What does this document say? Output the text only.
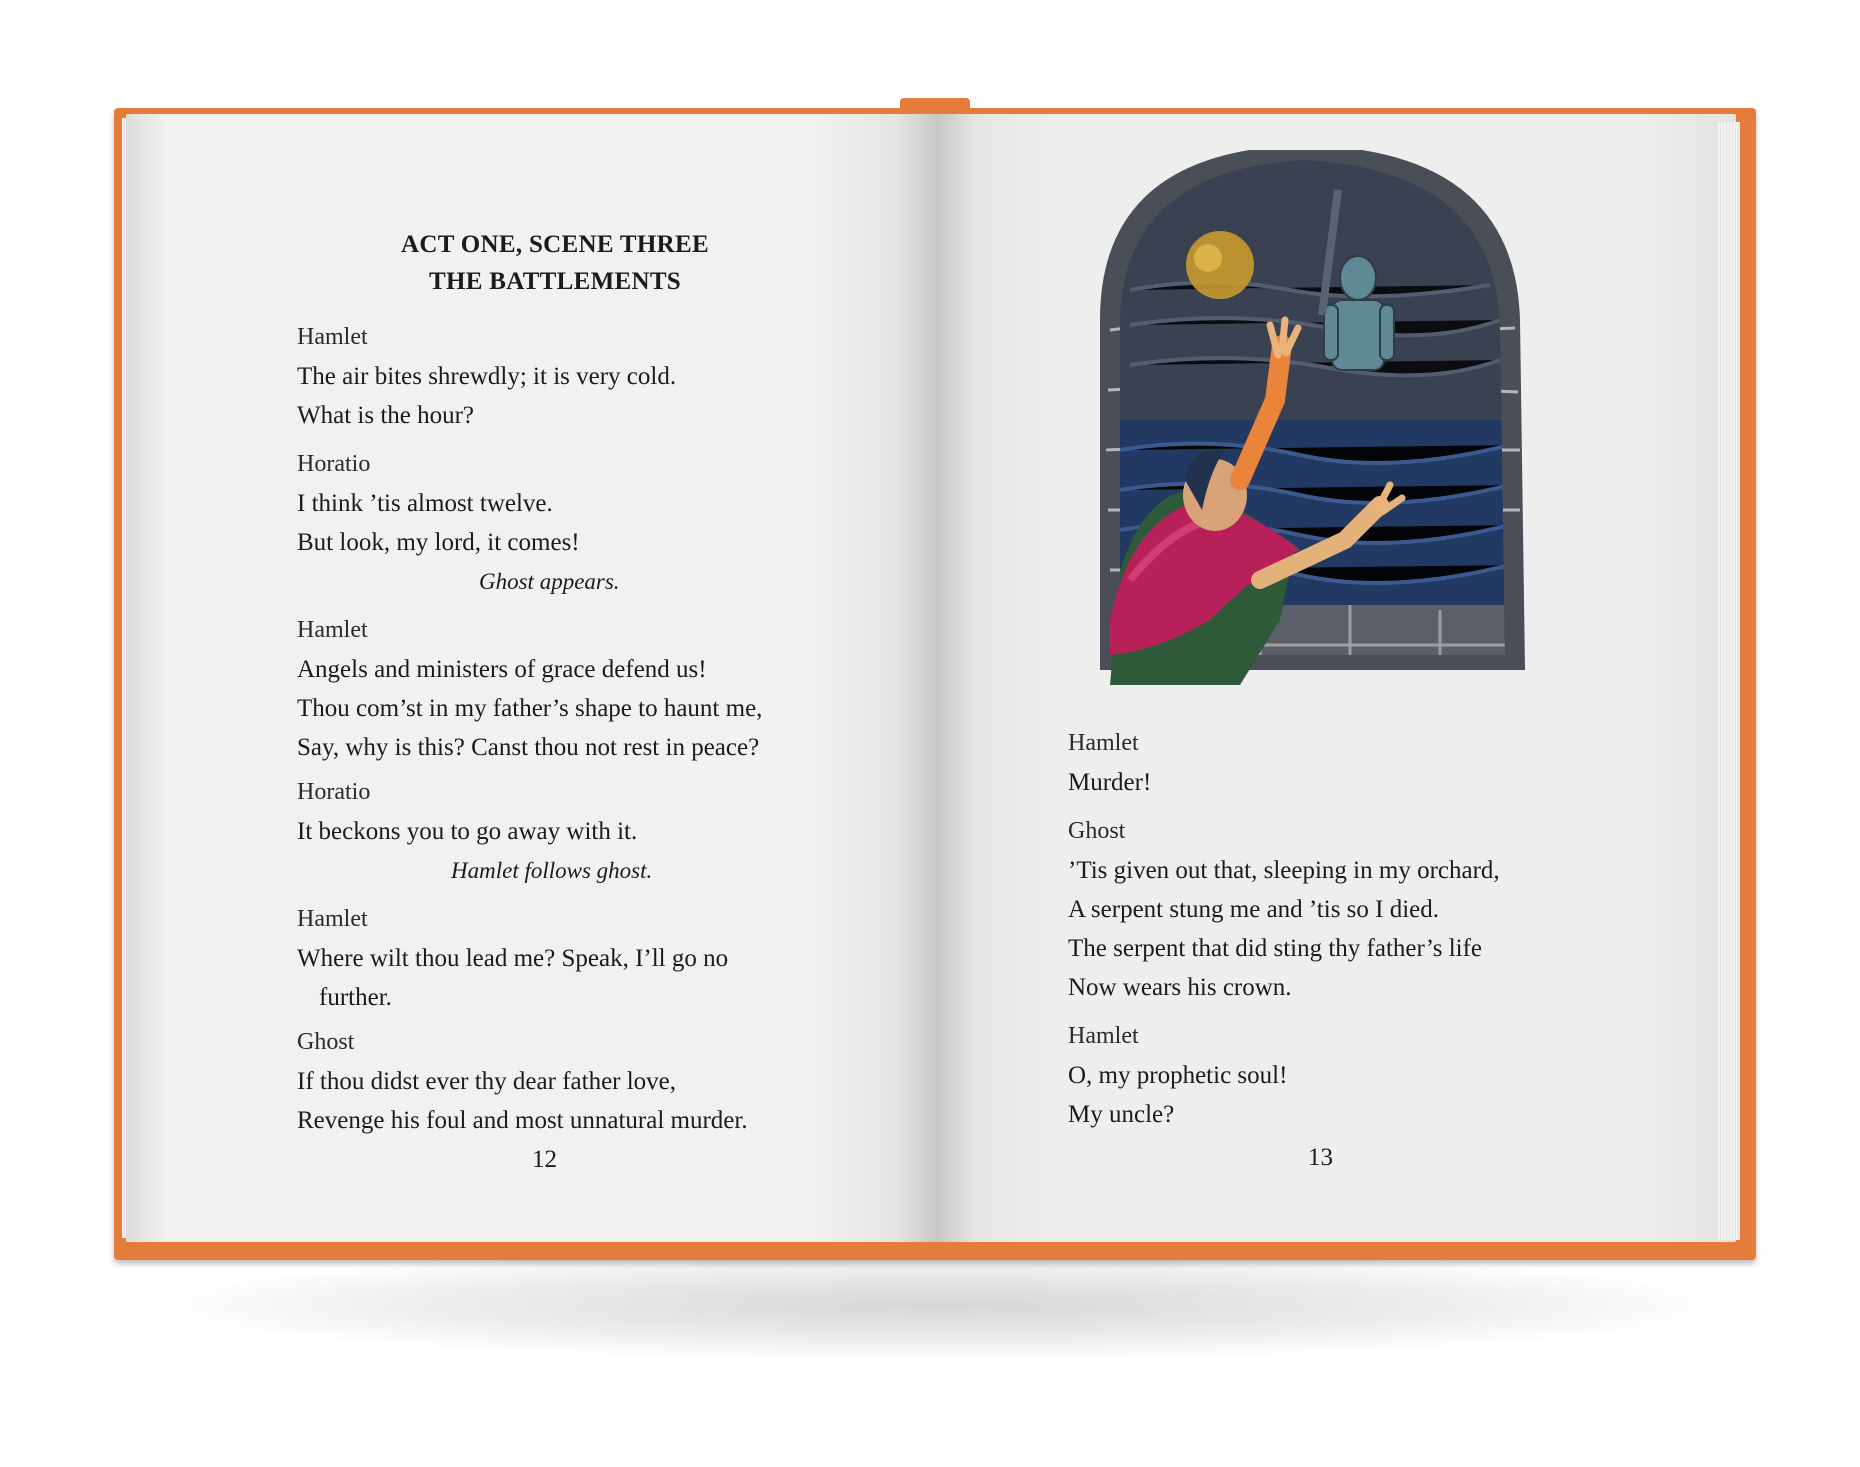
ACT ONE, SCENE THREE
THE BATTLEMENTS
Hamlet
The air bites shrewdly; it is very cold.
What is the hour?
Horatio
I think ’tis almost twelve.
But look, my lord, it comes!
Ghost appears.
Hamlet
Angels and ministers of grace defend us!
Thou com’st in my father’s shape to haunt me,
Say, why is this? Canst thou not rest in peace?
Horatio
It beckons you to go away with it.
Hamlet follows ghost.
Hamlet
Where wilt thou lead me? Speak, I’ll go no
further.
Ghost
If thou didst ever thy dear father love,
Revenge his foul and most unnatural murder.
12
Hamlet
Murder!
Ghost
’Tis given out that, sleeping in my orchard,
A serpent stung me and ’tis so I died.
The serpent that did sting thy father’s life
Now wears his crown.
Hamlet
O, my prophetic soul!
My uncle?
13
